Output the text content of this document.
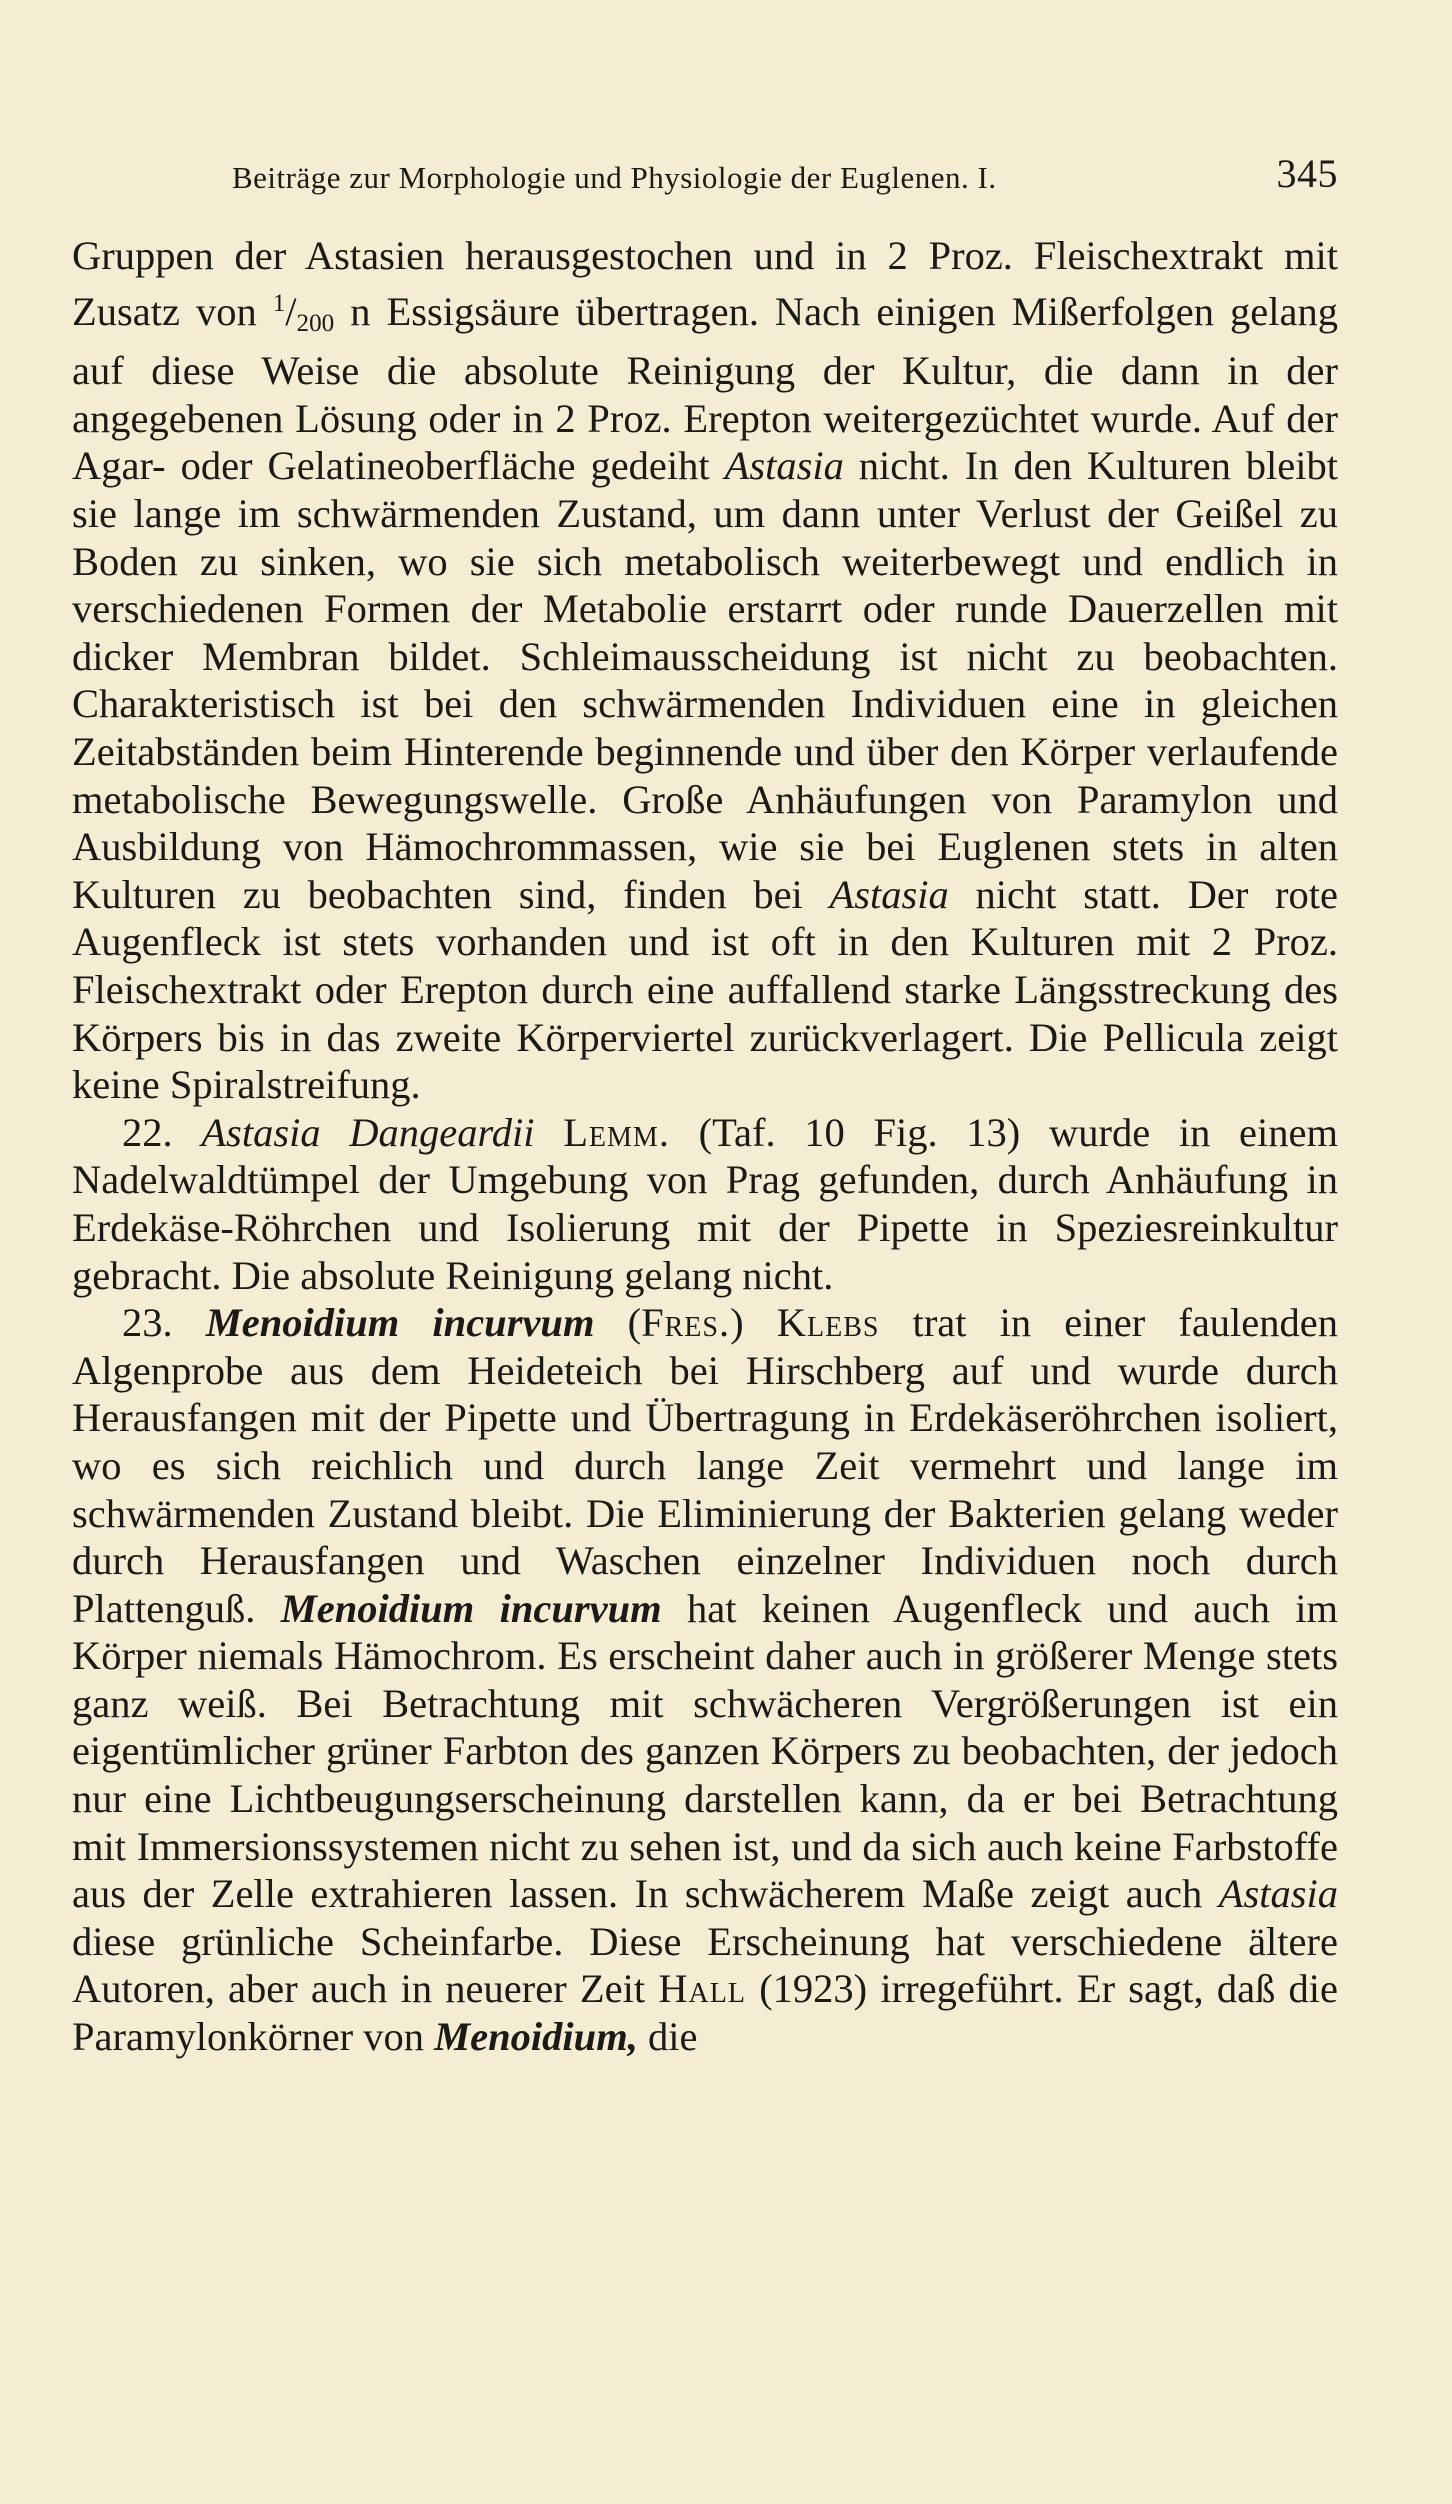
Beiträge zur Morphologie und Physiologie der Euglenen. I.	345

Gruppen der Astasien herausgestochen und in 2 Proz. Fleischextrakt mit Zusatz von $^1/_{200}$ n Essigsäure übertragen. Nach einigen Mißerfolgen gelang auf diese Weise die absolute Reinigung der Kultur, die dann in der angegebenen Lösung oder in 2 Proz. Erepton weitergezüchtet wurde. Auf der Agar- oder Gelatineoberfläche gedeiht Astasia nicht. In den Kulturen bleibt sie lange im schwärmenden Zustand, um dann unter Verlust der Geißel zu Boden zu sinken, wo sie sich metabolisch weiterbewegt und endlich in verschiedenen Formen der Metabolie erstarrt oder runde Dauerzellen mit dicker Membran bildet. Schleimausscheidung ist nicht zu beobachten. Charakteristisch ist bei den schwärmenden Individuen eine in gleichen Zeitabständen beim Hinterende beginnende und über den Körper verlaufende metabolische Bewegungswelle. Große Anhäufungen von Paramylon und Ausbildung von Hämochrommassen, wie sie bei Euglenen stets in alten Kulturen zu beobachten sind, finden bei Astasia nicht statt. Der rote Augenfleck ist stets vorhanden und ist oft in den Kulturen mit 2 Proz. Fleischextrakt oder Erepton durch eine auffallend starke Längsstreckung des Körpers bis in das zweite Körperviertel zurückverlagert. Die Pellicula zeigt keine Spiralstreifung.

22. Astasia Dangeardii Lemm. (Taf. 10 Fig. 13) wurde in einem Nadelwaldtümpel der Umgebung von Prag gefunden, durch Anhäufung in Erdekäse-Röhrchen und Isolierung mit der Pipette in Speziesreinkultur gebracht. Die absolute Reinigung gelang nicht.

23. Menoidium incurvum (Fres.) Klebs trat in einer faulenden Algenprobe aus dem Heideteich bei Hirschberg auf und wurde durch Herausfangen mit der Pipette und Übertragung in Erdekäseröhrchen isoliert, wo es sich reichlich und durch lange Zeit vermehrt und lange im schwärmenden Zustand bleibt. Die Eliminierung der Bakterien gelang weder durch Herausfangen und Waschen einzelner Individuen noch durch Plattenguß. Menoidium incurvum hat keinen Augenfleck und auch im Körper niemals Hämochrom. Es erscheint daher auch in größerer Menge stets ganz weiß. Bei Betrachtung mit schwächeren Vergrößerungen ist ein eigentümlicher grüner Farbton des ganzen Körpers zu beobachten, der jedoch nur eine Lichtbeugungserscheinung darstellen kann, da er bei Betrachtung mit Immersionssystemen nicht zu sehen ist, und da sich auch keine Farbstoffe aus der Zelle extrahieren lassen. In schwächerem Maße zeigt auch Astasia diese grünliche Scheinfarbe. Diese Erscheinung hat verschiedene ältere Autoren, aber auch in neuerer Zeit Hall (1923) irregeführt. Er sagt, daß die Paramylonkörner von Menoidium, die
